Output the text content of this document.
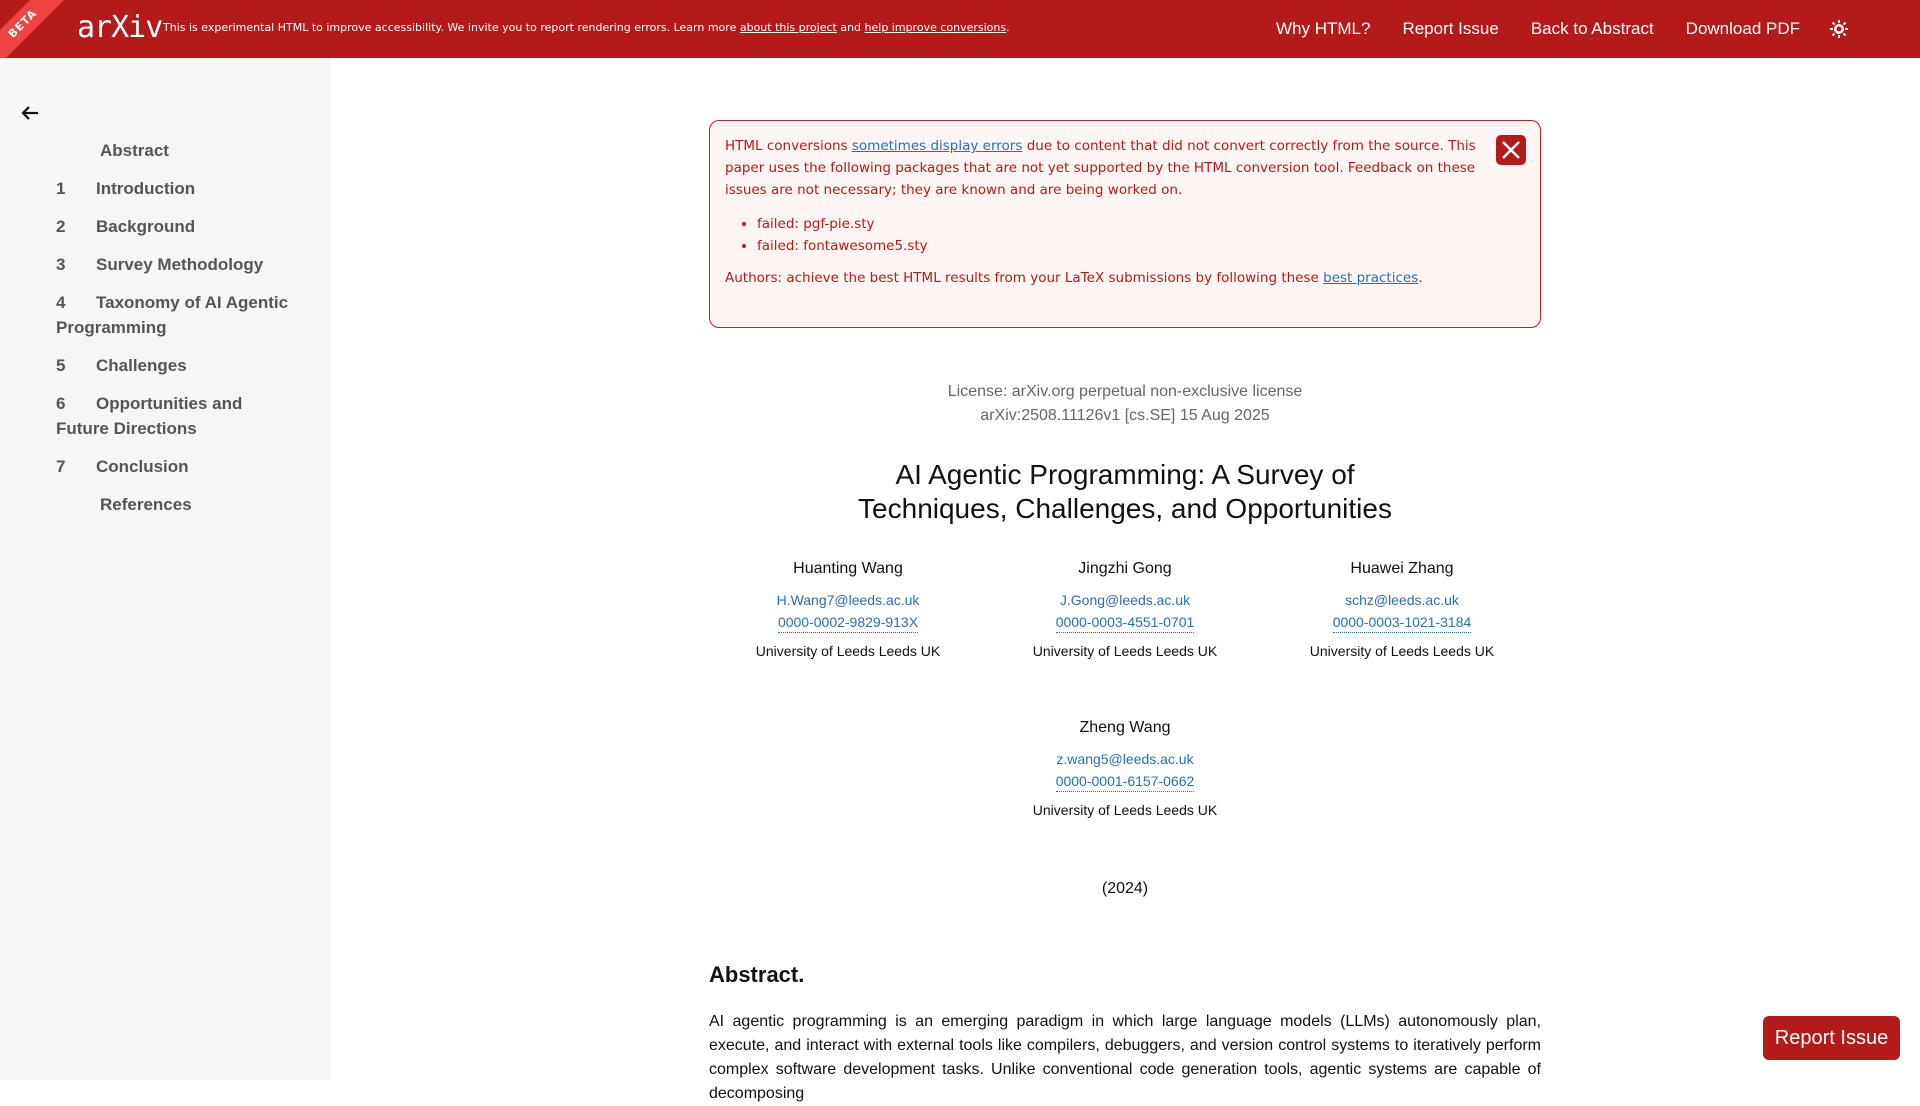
BETA	arXiv This is experimental HTML to improve accessibility. We invite you to report rendering errors. Learn more about this project and help improve conversions.	Why HTML? Report Issue Back to Abstract Download PDF
Abstract
1 Introduction
2 Background
3 Survey Methodology
4 Taxonomy of AI Agentic Programming
5 Challenges
6 Opportunities and Future Directions
7 Conclusion
References

HTML conversions sometimes display errors due to content that did not convert correctly from the source. This paper uses the following packages that are not yet supported by the HTML conversion tool. Feedback on these issues are not necessary; they are known and are being worked on.

• failed: pgf-pie.sty
• failed: fontawesome5.sty

Authors: achieve the best HTML results from your LaTeX submissions by following these best practices.

License: arXiv.org perpetual non-exclusive license
arXiv:2508.11126v1 [cs.SE] 15 Aug 2025
AI Agentic Programming: A Survey of
Techniques, Challenges, and Opportunities
Huanting Wang
H.Wang7@leeds.ac.uk
0000-0002-9829-913X
University of Leeds Leeds UK
Jingzhi Gong
J.Gong@leeds.ac.uk
0000-0003-4551-0701
University of Leeds Leeds UK
Huawei Zhang
schz@leeds.ac.uk
0000-0003-1021-3184
University of Leeds Leeds UK
Zheng Wang
z.wang5@leeds.ac.uk
0000-0001-6157-0662
University of Leeds Leeds UK
(2024)
Abstract.

AI agentic programming is an emerging paradigm in which large language models (LLMs) autonomously plan, execute, and interact with external tools like compilers, debuggers, and version control systems to iteratively perform complex software development tasks. Unlike conventional code generation tools, agentic systems are capable of decomposing

Report Issue
